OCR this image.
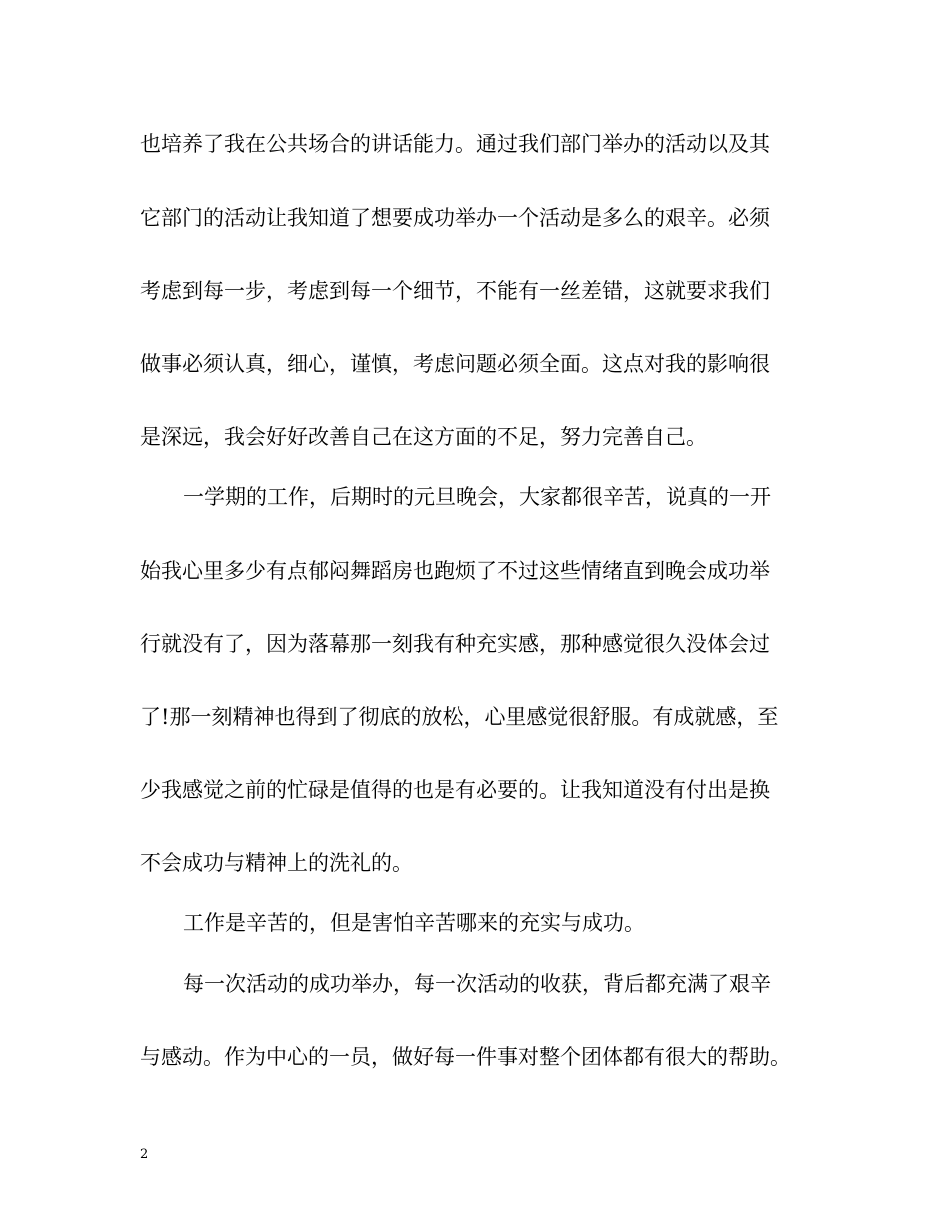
也培养了我在公共场合的讲话能力。通过我们部门举办的活动以及其
它部门的活动让我知道了想要成功举办一个活动是多么的艰辛。必须
考虑到每一步，考虑到每一个细节，不能有一丝差错，这就要求我们
做事必须认真，细心，谨慎，考虑问题必须全面。这点对我的影响很
是深远，我会好好改善自己在这方面的不足，努力完善自己。
一学期的工作，后期时的元旦晚会，大家都很辛苦，说真的一开
始我心里多少有点郁闷舞蹈房也跑烦了不过这些情绪直到晚会成功举
行就没有了，因为落幕那一刻我有种充实感，那种感觉很久没体会过
了!那一刻精神也得到了彻底的放松，心里感觉很舒服。有成就感，至
少我感觉之前的忙碌是值得的也是有必要的。让我知道没有付出是换
不会成功与精神上的洗礼的。
工作是辛苦的，但是害怕辛苦哪来的充实与成功。
每一次活动的成功举办，每一次活动的收获，背后都充满了艰辛
与感动。作为中心的一员，做好每一件事对整个团体都有很大的帮助。
2
